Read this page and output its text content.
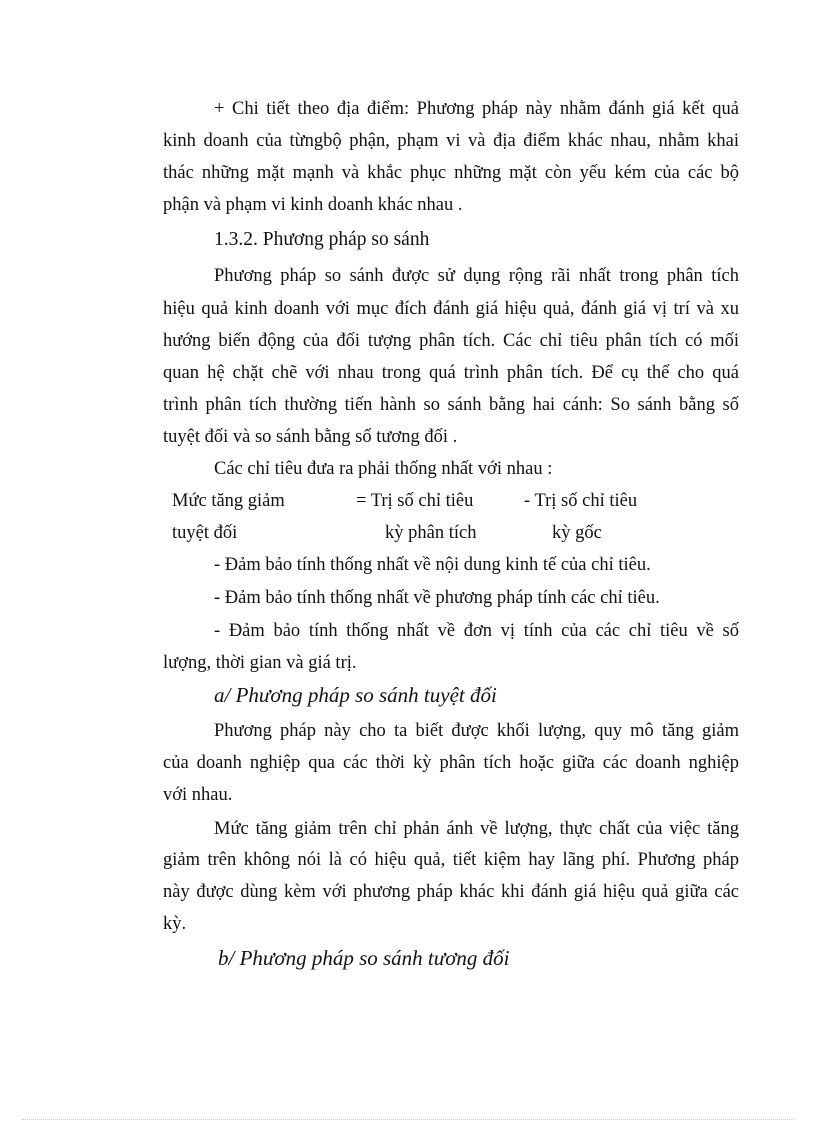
+ Chi tiết theo địa điểm: Phương pháp này nhằm đánh giá kết quả

kinh doanh của từngbộ phận, phạm vi và địa điểm khác nhau, nhằm khai

thác những mặt mạnh và khắc phục những mặt còn yếu kém của các bộ

phận và phạm vi kinh doanh khác nhau .

1.3.2. Phương pháp so sánh

Phương pháp so sánh được sử dụng rộng rãi nhất trong phân tích

hiệu quả kinh doanh với mục đích đánh giá hiệu quả, đánh giá vị trí và xu

hướng biến động của đối tượng phân tích. Các chỉ tiêu phân tích có mối

quan hệ chặt chẽ với nhau trong quá trình phân tích. Để cụ thể cho quá

trình phân tích thường tiến hành so sánh bằng hai cánh: So sánh bằng số

tuyệt đối và so sánh bằng số tương đối .

Các chỉ tiêu đưa ra phải thống nhất với nhau :

Mức tăng giảm
tuyệt đối
= Trị số chỉ tiêu
kỳ phân tích
- Trị số chỉ tiêu
kỳ gốc

- Đảm bảo tính thống nhất về nội dung kinh tế của chỉ tiêu.

- Đảm bảo tính thống nhất về phương pháp tính các chỉ tiêu.

- Đảm bảo tính thống nhất về đơn vị tính của các chỉ tiêu về số

lượng, thời gian và giá trị.

a/ Phương pháp so sánh tuyệt đối

Phương pháp này cho ta biết được khối lượng, quy mô tăng giảm

của doanh nghiệp qua các thời kỳ phân tích hoặc giữa các doanh nghiệp

với nhau.

Mức tăng giảm trên chỉ phản ánh về lượng, thực chất của việc tăng

giảm trên không nói là có hiệu quả, tiết kiệm hay lãng phí. Phương pháp

này được dùng kèm với phương pháp khác khi đánh giá hiệu quả giữa các

kỳ.

b/ Phương pháp so sánh tương đối
